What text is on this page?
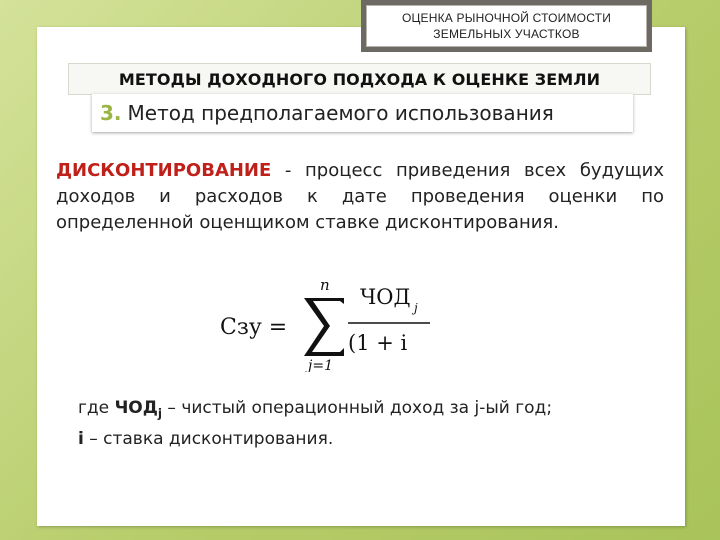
ОЦЕНКА РЫНОЧНОЙ СТОИМОСТИ
ЗЕМЕЛЬНЫХ УЧАСТКОВ
МЕТОДЫ ДОХОДНОГО ПОДХОДА К ОЦЕНКЕ ЗЕМЛИ
3. Метод предполагаемого использования
ДИСКОНТИРОВАНИЕ - процесс приведения всех будущих доходов и расходов к дате проведения оценки по определенной оценщиком ставке дисконтирования.
Сзу =
n
j=1
ЧОД j
(1 + i
где $ЧОД_j$ – чистый операционный доход за j-ый год;
i – ставка дисконтирования.
